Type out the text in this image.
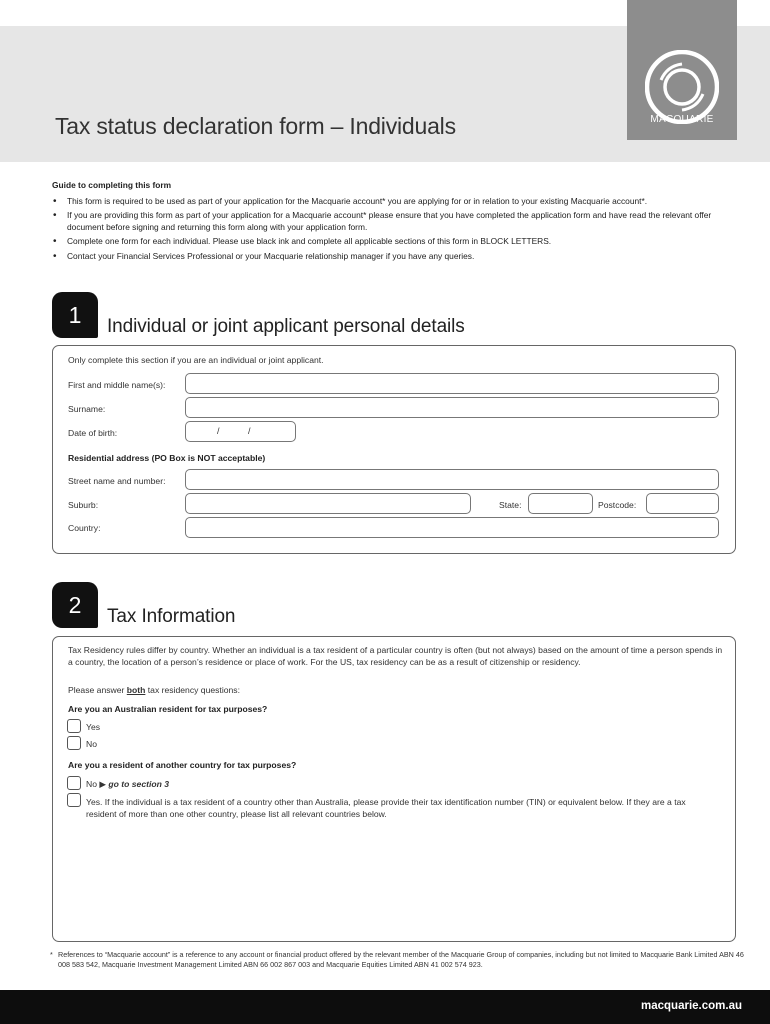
Tax status declaration form – Individuals	MACQUARIE
Guide to completing this form
• This form is required to be used as part of your application for the Macquarie account* you are applying for or in relation to your existing Macquarie account*.
• If you are providing this form as part of your application for a Macquarie account* please ensure that you have completed the application form and have read the relevant offer document before signing and returning this form along with your application form.
• Complete one form for each individual. Please use black ink and complete all applicable sections of this form in BLOCK LETTERS.
• Contact your Financial Services Professional or your Macquarie relationship manager if you have any queries.
1	Individual or joint applicant personal details
Only complete this section if you are an individual or joint applicant.
First and middle name(s):
Surname:
Date of birth:	/	/
Residential address (PO Box is NOT acceptable)
Street name and number:
Suburb:	State:	Postcode:
Country:
2	Tax Information
Tax Residency rules differ by country. Whether an individual is a tax resident of a particular country is often (but not always) based on the amount of time a person spends in a country, the location of a person’s residence or place of work. For the US, tax residency can be as a result of citizenship or residency.
Please answer both tax residency questions:
Are you an Australian resident for tax purposes?
Yes
No
Are you a resident of another country for tax purposes?
No ▶ go to section 3
Yes. If the individual is a tax resident of a country other than Australia, please provide their tax identification number (TIN) or equivalent below. If they are a tax resident of more than one other country, please list all relevant countries below.
* References to “Macquarie account” is a reference to any account or financial product offered by the relevant member of the Macquarie Group of companies, including but not limited to Macquarie Bank Limited ABN 46 008 583 542, Macquarie Investment Management Limited ABN 66 002 867 003 and Macquarie Equities Limited ABN 41 002 574 923.
macquarie.com.au
